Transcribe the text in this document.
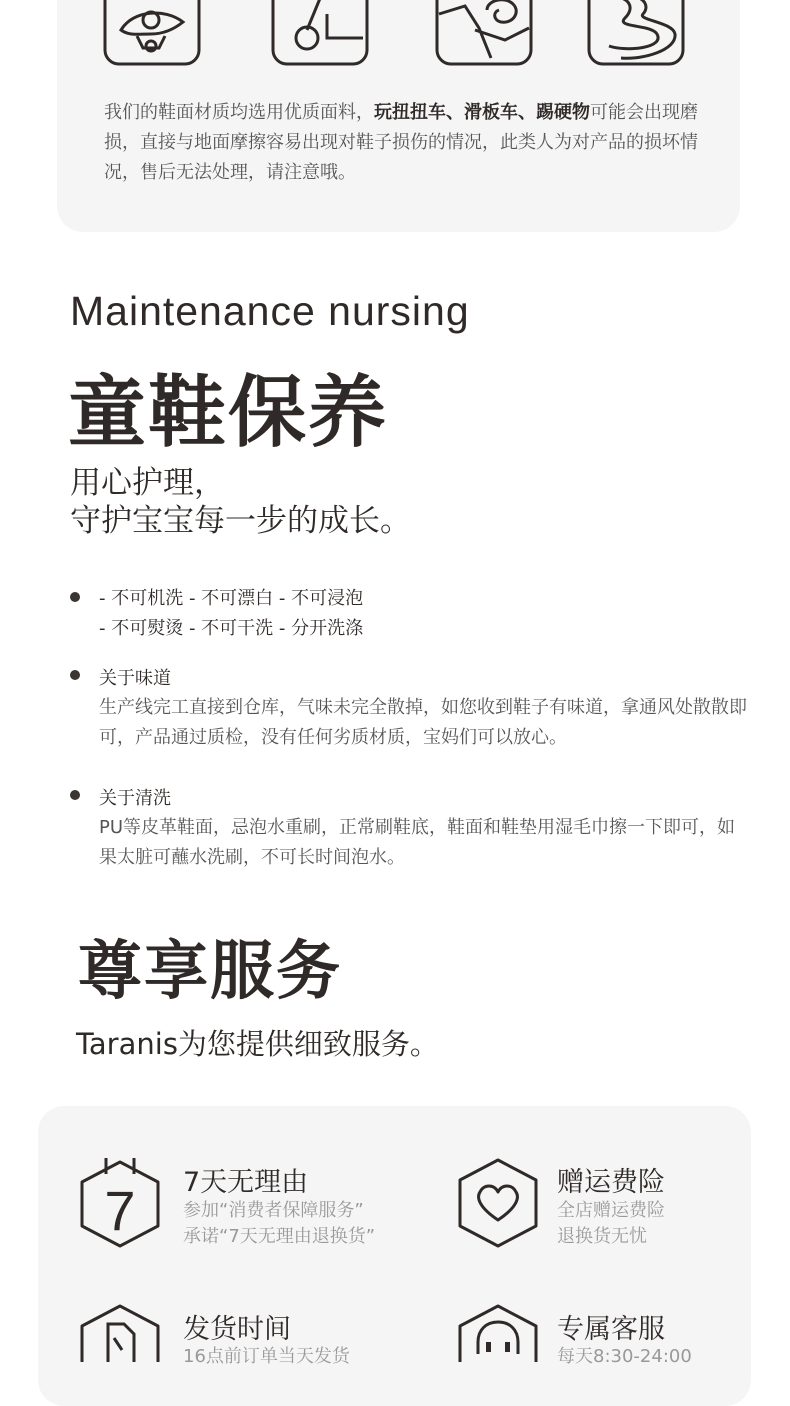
我们的鞋面材质均选用优质面料，玩扭扭车、滑板车、踢硬物可能会出现磨损，直接与地面摩擦容易出现对鞋子损伤的情况，此类人为对产品的损坏情况，售后无法处理，请注意哦。

Maintenance nursing
童鞋保养
用心护理，
守护宝宝每一步的成长。
- 不可机洗 - 不可漂白 - 不可浸泡
- 不可熨烫 - 不可干洗 - 分开洗涤
关于味道

生产线完工直接到仓库，气味未完全散掉，如您收到鞋子有味道，拿通风处散散即可，产品通过质检，没有任何劣质材质，宝妈们可以放心。

关于清洗

PU等皮革鞋面，忌泡水重刷，正常刷鞋底，鞋面和鞋垫用湿毛巾擦一下即可，如果太脏可蘸水洗刷，不可长时间泡水。

尊享服务
Taranis为您提供细致服务。
7 7天无理由
参加“消费者保障服务”
承诺“7天无理由退换货”
赠运费险
全店赠运费险
退换货无忧
发货时间
16点前订单当天发货
专属客服
每天8:30-24:00
